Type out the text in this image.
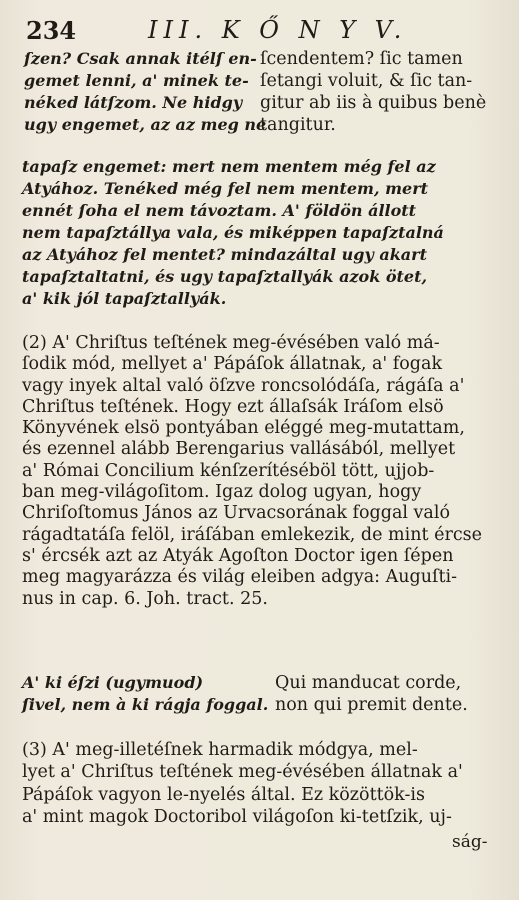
234	III. K Ő N Y V.
ſzen? Csak annak itélſ en-
gemet lenni, a' minek te-
néked látſzom. Ne hidgy
ugy engemet, az az meg ne
ſcendentem? ſic tamen
ſetangi voluit, & ſic tan-
gitur ab iis à quibus benè
tangitur.
tapaſz engemet: mert nem mentem még fel az
Atyához. Tenéked még fel nem mentem, mert
ennét ſoha el nem távoztam. A' földön állott
nem tapaſztállya vala, és miképpen tapaſztalná
az Atyához fel mentet? mindazáltal ugy akart
tapaſztaltatni, és ugy tapaſztallyák azok ötet,
a' kik jól tapaſztallyák.
(2) A' Chriſtus teſtének meg-évésében való má-
ſodik mód, mellyet a' Pápáſok állatnak, a' fogak
vagy inyek altal való öſzve roncsolódáſa, rágáſa a'
Chriſtus teſtének. Hogy ezt állaſsák Iráſom elsö
Könyvének elsö pontyában eléggé meg-mutattam,
és ezennel alább Berengarius vallásából, mellyet
a' Római Concilium kénſzerítéséböl tött, ujjob-
ban meg-világoſitom. Igaz dolog ugyan, hogy
Chriſoſtomus János az Urvacsorának foggal való
rágadtatáſa felöl, iráſában emlekezik, de mint ércse
s' ércsék azt az Atyák Agoſton Doctor igen ſépen
meg magyarázza és világ eleiben adgya: Auguſti-
nus in cap. 6. Joh. tract. 25.
A' ki éſzi (ugymuod)
ſivel, nem à ki rágja foggal.
Qui manducat corde,
non qui premit dente.
(3) A' meg-illetéſnek harmadik módgya, mel-
lyet a' Chriſtus teſtének meg-évésében állatnak a'
Pápáſok vagyon le-nyelés által. Ez közöttök-is
a' mint magok Doctoribol világoſon ki-tetſzik, uj-
ság-
